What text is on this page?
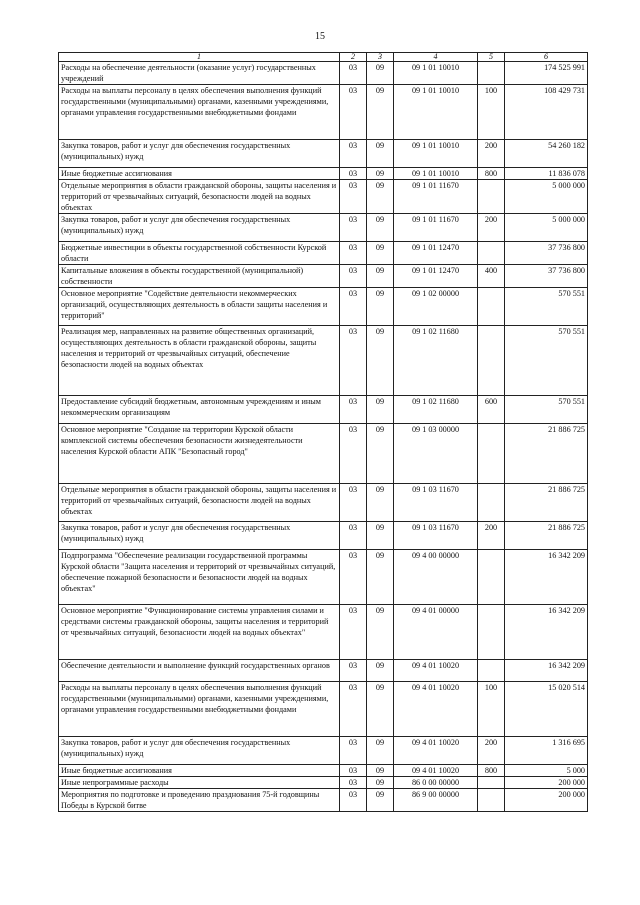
15
1	2	3	4	5	6
Расходы на обеспечение деятельности (оказание услуг) государственных учреждений	03	09	09 1 01 10010		174 525 991
Расходы на выплаты персоналу в целях обеспечения выполнения функций государственными (муниципальными) органами, казенными учреждениями, органами управления государственными внебюджетными фондами	03	09	09 1 01 10010	100	108 429 731
Закупка товаров, работ и услуг для обеспечения государственных (муниципальных) нужд	03	09	09 1 01 10010	200	54 260 182
Иные бюджетные ассигнования	03	09	09 1 01 10010	800	11 836 078
Отдельные мероприятия в области гражданской обороны, защиты населения и территорий от чрезвычайных ситуаций, безопасности людей на водных объектах	03	09	09 1 01 11670		5 000 000
Закупка товаров, работ и услуг для обеспечения государственных (муниципальных) нужд	03	09	09 1 01 11670	200	5 000 000
Бюджетные инвестиции в объекты государственной собственности Курской области	03	09	09 1 01 12470		37 736 800
Капитальные вложения в объекты государственной (муниципальной) собственности	03	09	09 1 01 12470	400	37 736 800
Основное мероприятие "Содействие деятельности некоммерческих организаций, осуществляющих деятельность в области защиты населения и территорий"	03	09	09 1 02 00000		570 551
Реализация мер, направленных на развитие общественных организаций, осуществляющих деятельность в области гражданской обороны, защиты населения и территорий от чрезвычайных ситуаций, обеспечение безопасности людей на водных объектах	03	09	09 1 02 11680		570 551
Предоставление субсидий бюджетным, автономным учреждениям и иным некоммерческим организациям	03	09	09 1 02 11680	600	570 551
Основное мероприятие "Создание на территории Курской области комплексной системы обеспечения безопасности жизнедеятельности населения Курской области АПК "Безопасный город"	03	09	09 1 03 00000		21 886 725
Отдельные мероприятия в области гражданской обороны, защиты населения и территорий от чрезвычайных ситуаций, безопасности людей на водных объектах	03	09	09 1 03 11670		21 886 725
Закупка товаров, работ и услуг для обеспечения государственных (муниципальных) нужд	03	09	09 1 03 11670	200	21 886 725
Подпрограмма "Обеспечение реализации государственной программы Курской области "Защита населения и территорий от чрезвычайных ситуаций, обеспечение пожарной безопасности и безопасности людей на водных объектах"	03	09	09 4 00 00000		16 342 209
Основное мероприятие "Функционирование системы управления силами и средствами системы гражданской обороны, защиты населения и территорий от чрезвычайных ситуаций, безопасности людей на водных объектах"	03	09	09 4 01 00000		16 342 209
Обеспечение деятельности и выполнение функций государственных органов	03	09	09 4 01 10020		16 342 209
Расходы на выплаты персоналу в целях обеспечения выполнения функций государственными (муниципальными) органами, казенными учреждениями, органами управления государственными внебюджетными фондами	03	09	09 4 01 10020	100	15 020 514
Закупка товаров, работ и услуг для обеспечения государственных (муниципальных) нужд	03	09	09 4 01 10020	200	1 316 695
Иные бюджетные ассигнования	03	09	09 4 01 10020	800	5 000
Иные непрограммные расходы	03	09	86 0 00 00000		200 000
Мероприятия по подготовке и проведению празднования 75-й годовщины Победы в Курской битве	03	09	86 9 00 00000		200 000
